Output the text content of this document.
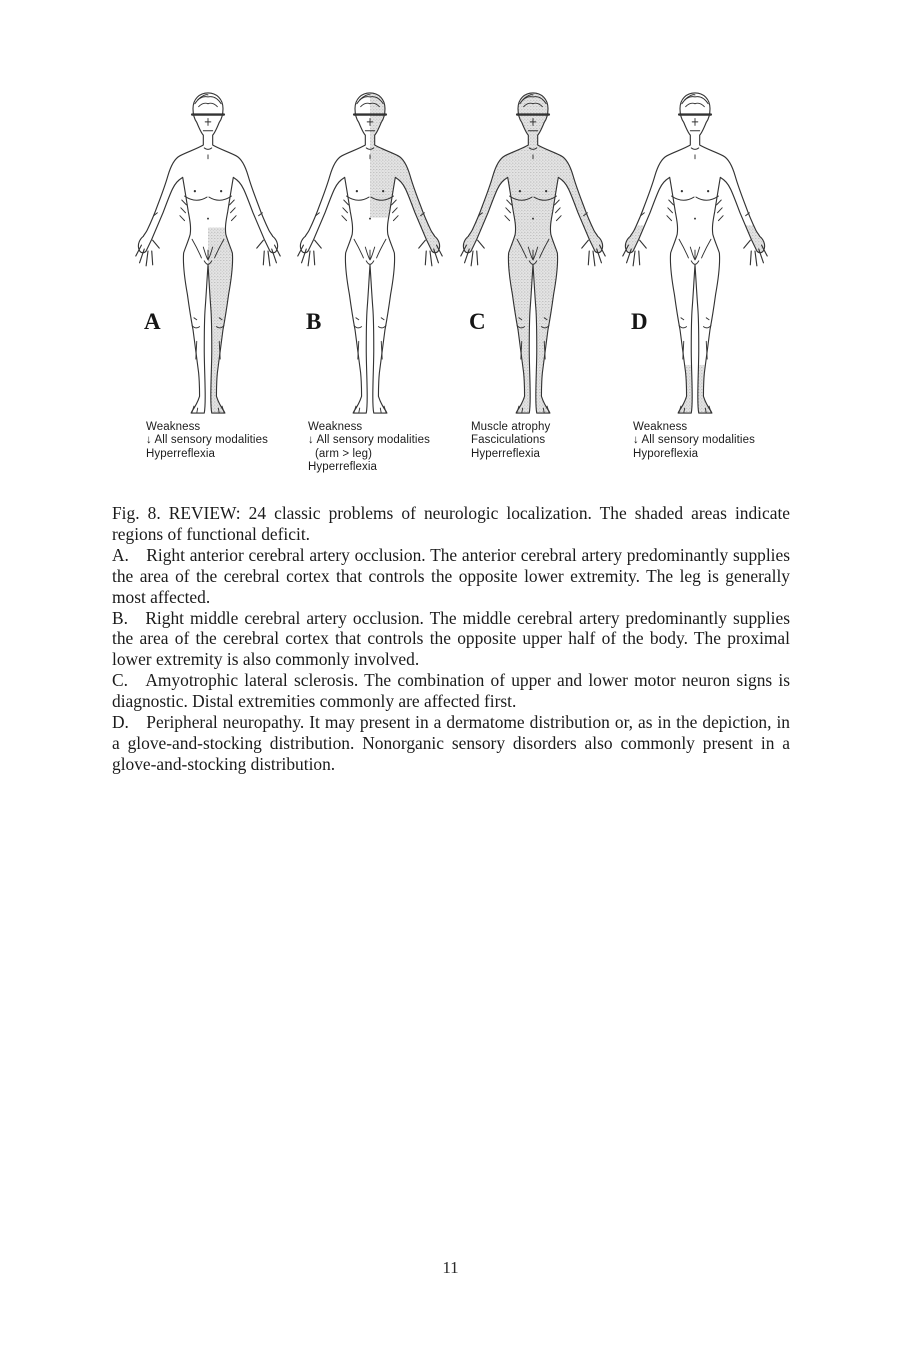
A
Weakness
↓ All sensory modalities
Hyperreflexia
B
Weakness
↓ All sensory modalities
(arm > leg)
Hyperreflexia
C
Muscle atrophy
Fasciculations
Hyperreflexia
D
Weakness
↓ All sensory modalities
Hyporeflexia

Fig. 8. REVIEW: 24 classic problems of neurologic localization. The shaded areas indicate regions of functional deficit.

A. Right anterior cerebral artery occlusion. The anterior cerebral artery predominantly supplies the area of the cerebral cortex that controls the opposite lower extremity. The leg is generally most affected.

B. Right middle cerebral artery occlusion. The middle cerebral artery predominantly supplies the area of the cerebral cortex that controls the opposite upper half of the body. The proximal lower extremity is also commonly involved.

C. Amyotrophic lateral sclerosis. The combination of upper and lower motor neuron signs is diagnostic. Distal extremities commonly are affected first.

D. Peripheral neuropathy. It may present in a dermatome distribution or, as in the depiction, in a glove-and-stocking distribution. Nonorganic sensory disorders also commonly present in a glove-and-stocking distribution.

11
